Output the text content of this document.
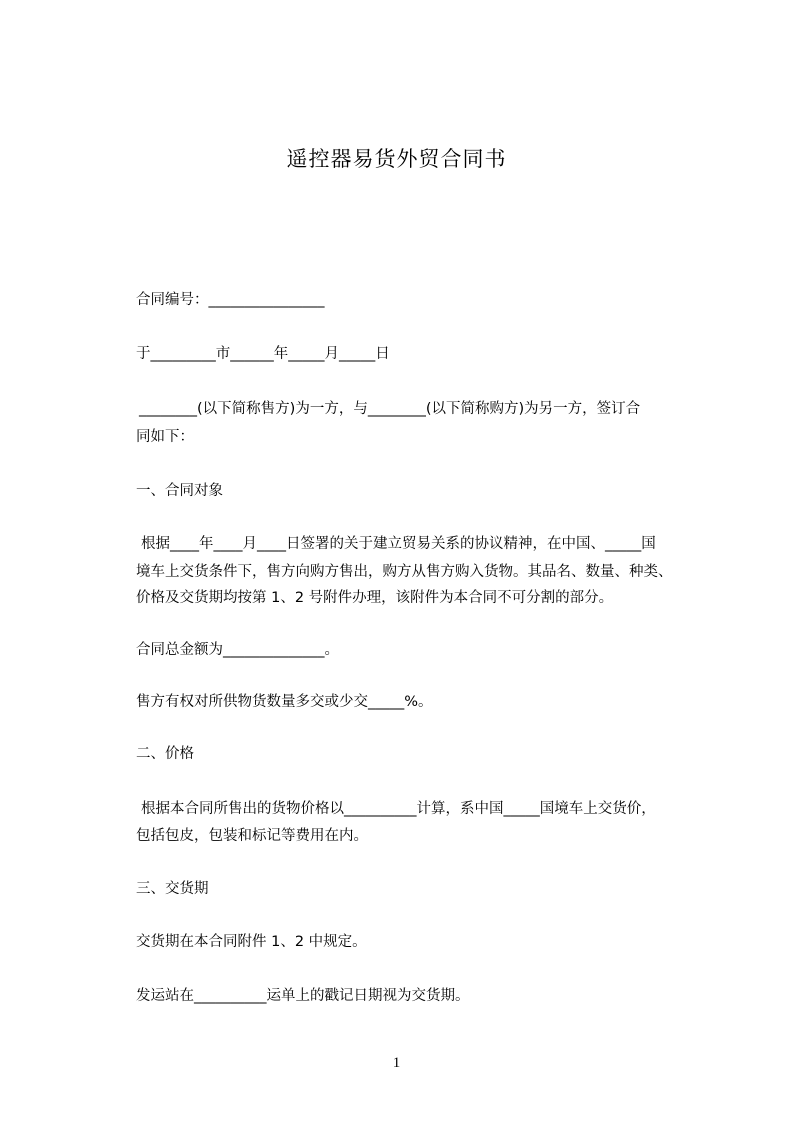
遥控器易货外贸合同书
合同编号：________________
于_________市______年_____月_____日
________(以下简称售方)为一方，与________(以下简称购方)为另一方，签订合
同如下：
一、合同对象
根据____年____月____日签署的关于建立贸易关系的协议精神，在中国、_____国
境车上交货条件下，售方向购方售出，购方从售方购入货物。其品名、数量、种类、
价格及交货期均按第 1、2 号附件办理，该附件为本合同不可分割的部分。
合同总金额为______________。
售方有权对所供物货数量多交或少交_____%。
二、价格
根据本合同所售出的货物价格以__________计算，系中国_____国境车上交货价，
包括包皮，包装和标记等费用在内。
三、交货期
交货期在本合同附件 1、2 中规定。
发运站在__________运单上的戳记日期视为交货期。
1
